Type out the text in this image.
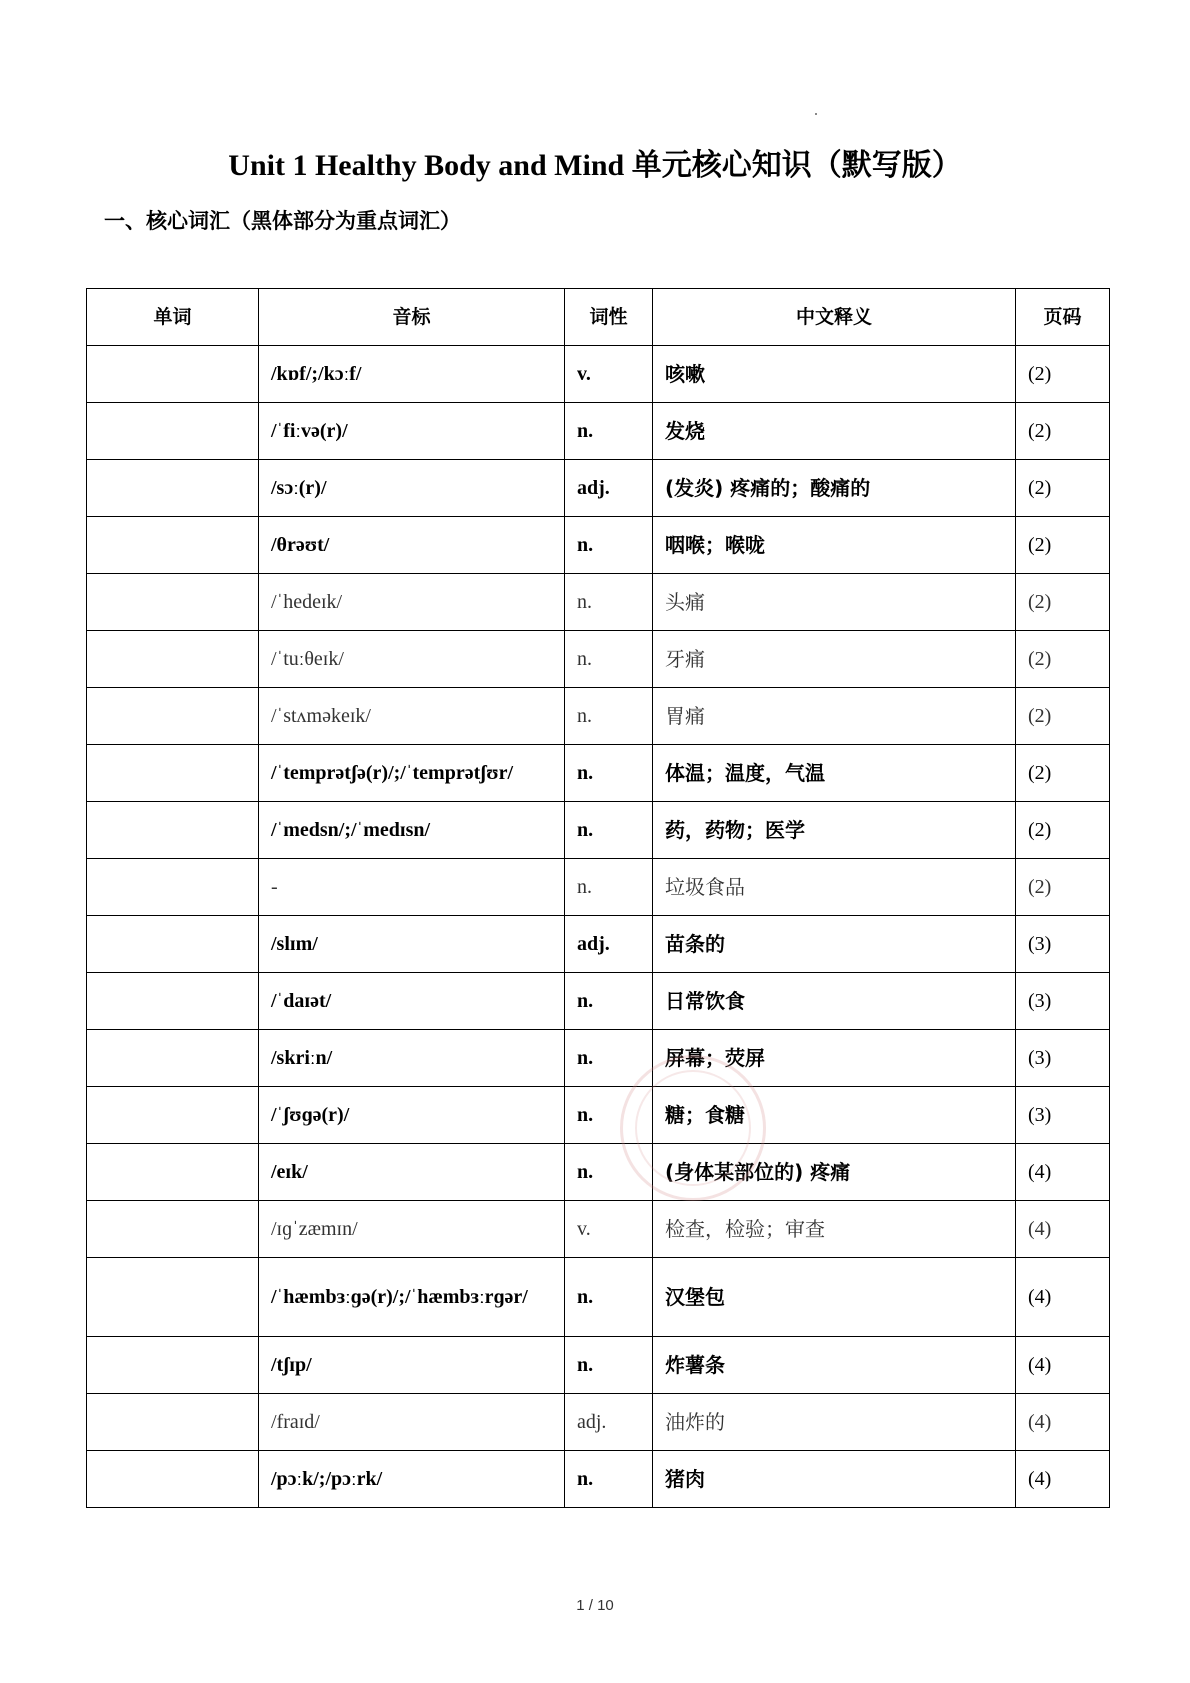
Unit 1 Healthy Body and Mind 单元核心知识（默写版）
一、核心词汇（黑体部分为重点词汇）
单词	音标	词性	中文释义	页码
	/kɒf/;/kɔːf/	v.	咳嗽	(2)
	/ˈfiːvə(r)/	n.	发烧	(2)
	/sɔː(r)/	adj.	(发炎) 疼痛的；酸痛的	(2)
	/θrəʊt/	n.	咽喉；喉咙	(2)
	/ˈhedeɪk/	n.	头痛	(2)
	/ˈtuːθeɪk/	n.	牙痛	(2)
	/ˈstʌməkeɪk/	n.	胃痛	(2)
	/ˈtemprətʃə(r)/;/ˈtemprətʃʊr/	n.	体温；温度，气温	(2)
	/ˈmedsn/;/ˈmedɪsn/	n.	药，药物；医学	(2)
	-	n.	垃圾食品	(2)
	/slɪm/	adj.	苗条的	(3)
	/ˈdaɪət/	n.	日常饮食	(3)
	/skriːn/	n.	屏幕；荧屏	(3)
	/ˈʃʊɡə(r)/	n.	糖；食糖	(3)
	/eɪk/	n.	(身体某部位的) 疼痛	(4)
	/ɪɡˈzæmɪn/	v.	检查，检验；审查	(4)
	/ˈhæmbɜːɡə(r)/;/ˈhæmbɜːrɡər/	n.	汉堡包	(4)
	/tʃɪp/	n.	炸薯条	(4)
	/fraɪd/	adj.	油炸的	(4)
	/pɔːk/;/pɔːrk/	n.	猪肉	(4)
1 / 10
